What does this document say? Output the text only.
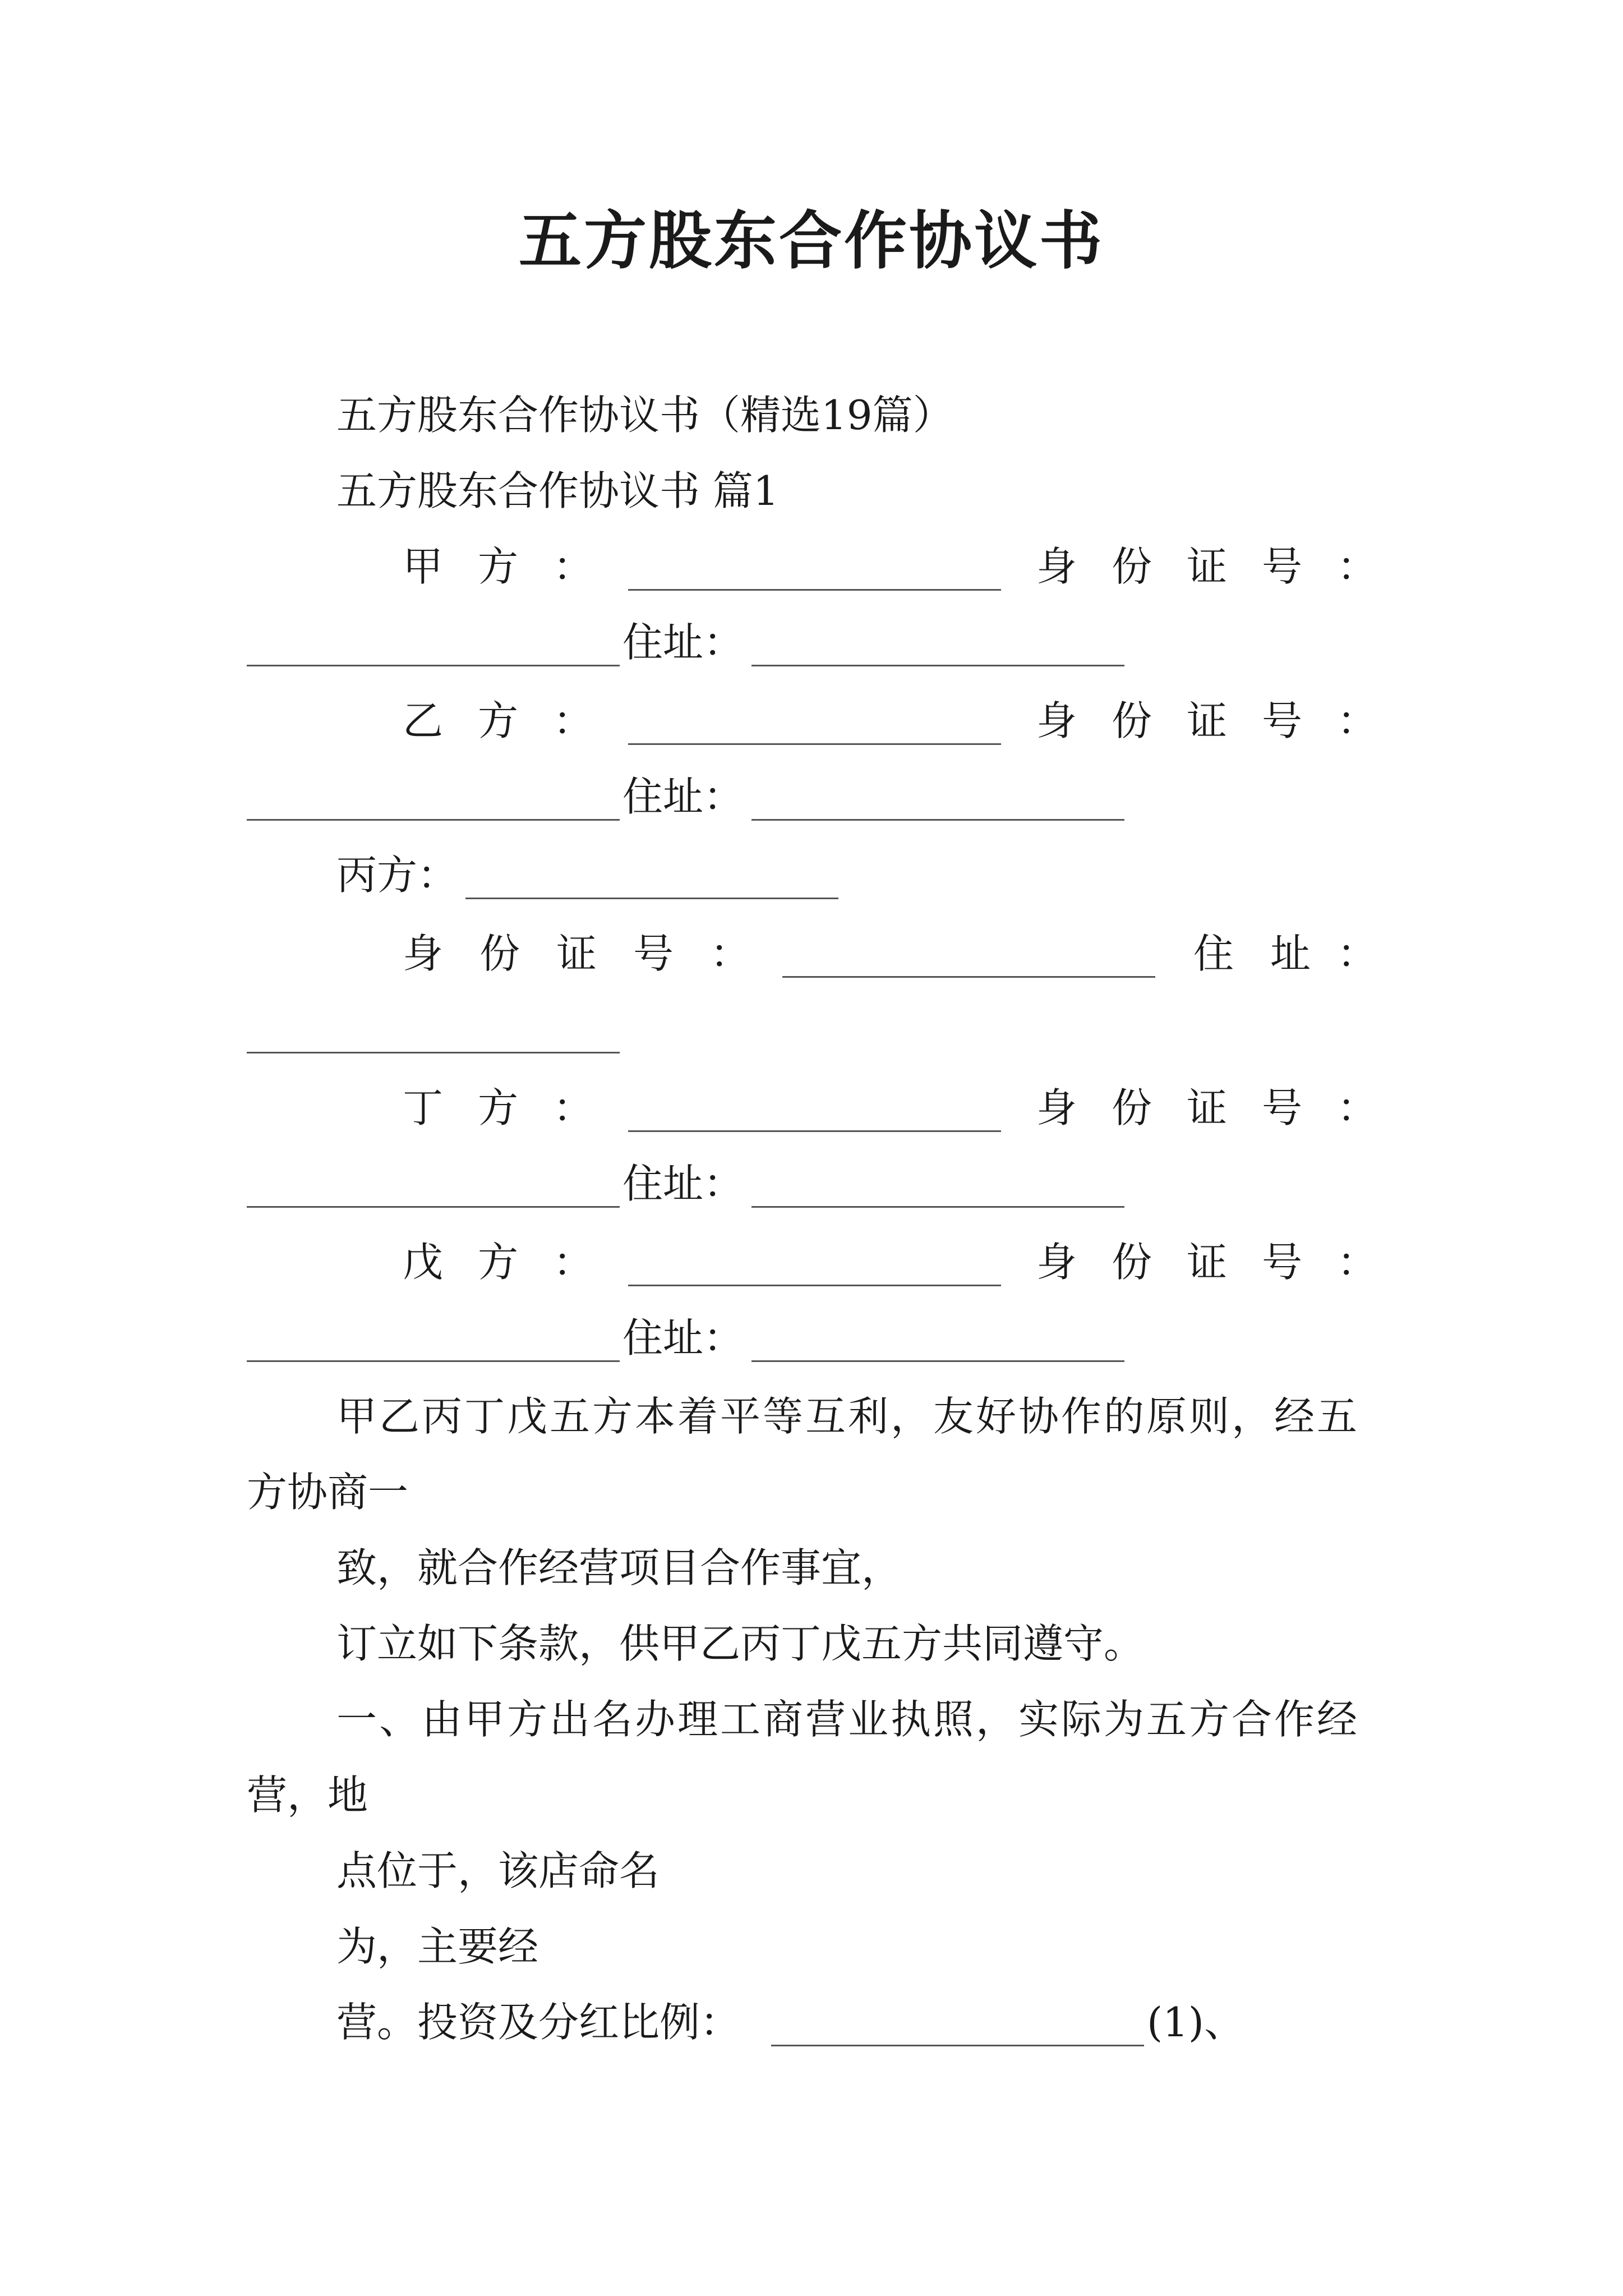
五方股东合作协议书
五方股东合作协议书（精选19篇）
五方股东合作协议书 篇1
甲 方 ：	身 份 证 号 ：
住址：
乙 方 ：	身 份 证 号 ：
住址：
丙方：
身 份 证 号 ：	住 址 ：
丁 方 ：	身 份 证 号 ：
住址：
戊 方 ：	身 份 证 号 ：
住址：
甲乙丙丁戊五方本着平等互利，友好协作的原则，经五
方协商一
致，就合作经营项目合作事宜，
订立如下条款，供甲乙丙丁戊五方共同遵守。
一、由甲方出名办理工商营业执照，实际为五方合作经
营，地
点位于，该店命名
为，主要经
营。投资及分红比例：	(1)、
